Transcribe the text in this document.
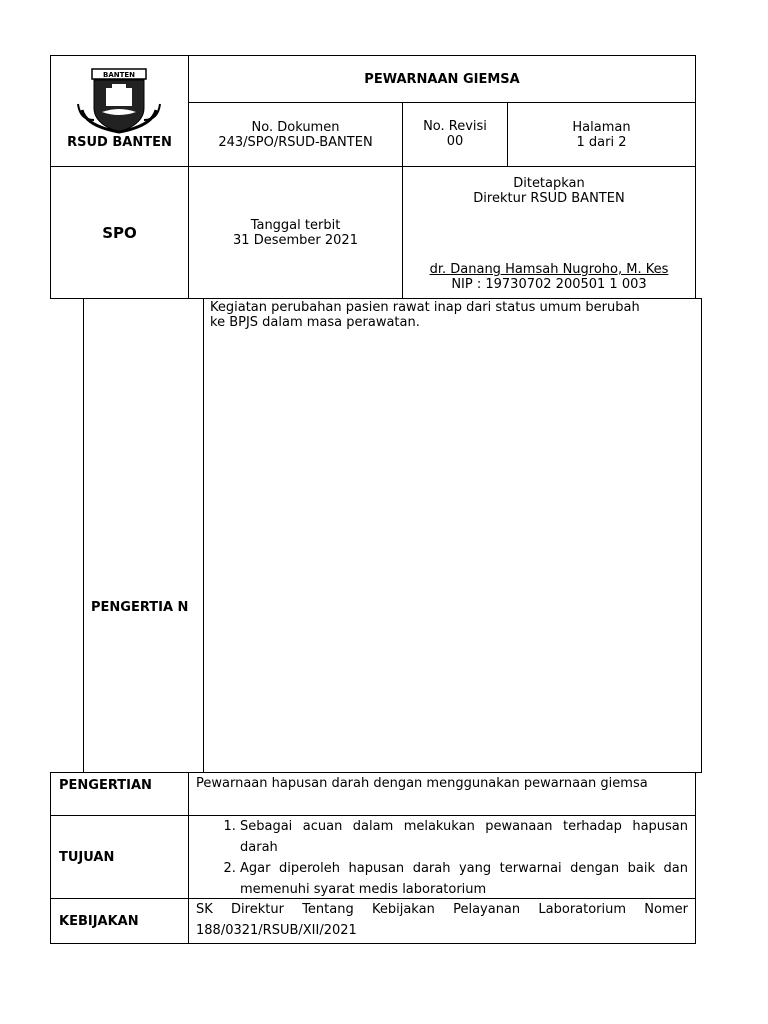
BANTEN
RSUD BANTEN
PEWARNAAN GIEMSA
No. Dokumen
243/SPO/RSUD-BANTEN
No. Revisi
00
Halaman
1 dari 2
SPO	Tanggal terbit
31 Desember 2021
Ditetapkan
Direktur RSUD BANTEN
dr. Danang Hamsah Nugroho, M. Kes
NIP : 19730702 200501 1 003
PENGERTIA N
Kegiatan perubahan pasien rawat inap dari status umum berubah ke BPJS dalam masa perawatan.
PENGERTIAN	Pewarnaan hapusan darah dengan menggunakan pewarnaan giemsa
TUJUAN
1. Sebagai acuan dalam melakukan pewanaan terhadap hapusan darah
2. Agar diperoleh hapusan darah yang terwarnai dengan baik dan memenuhi syarat medis laboratorium
KEBIJAKAN
SK Direktur Tentang Kebijakan Pelayanan Laboratorium Nomer 188/0321/RSUB/XII/2021
